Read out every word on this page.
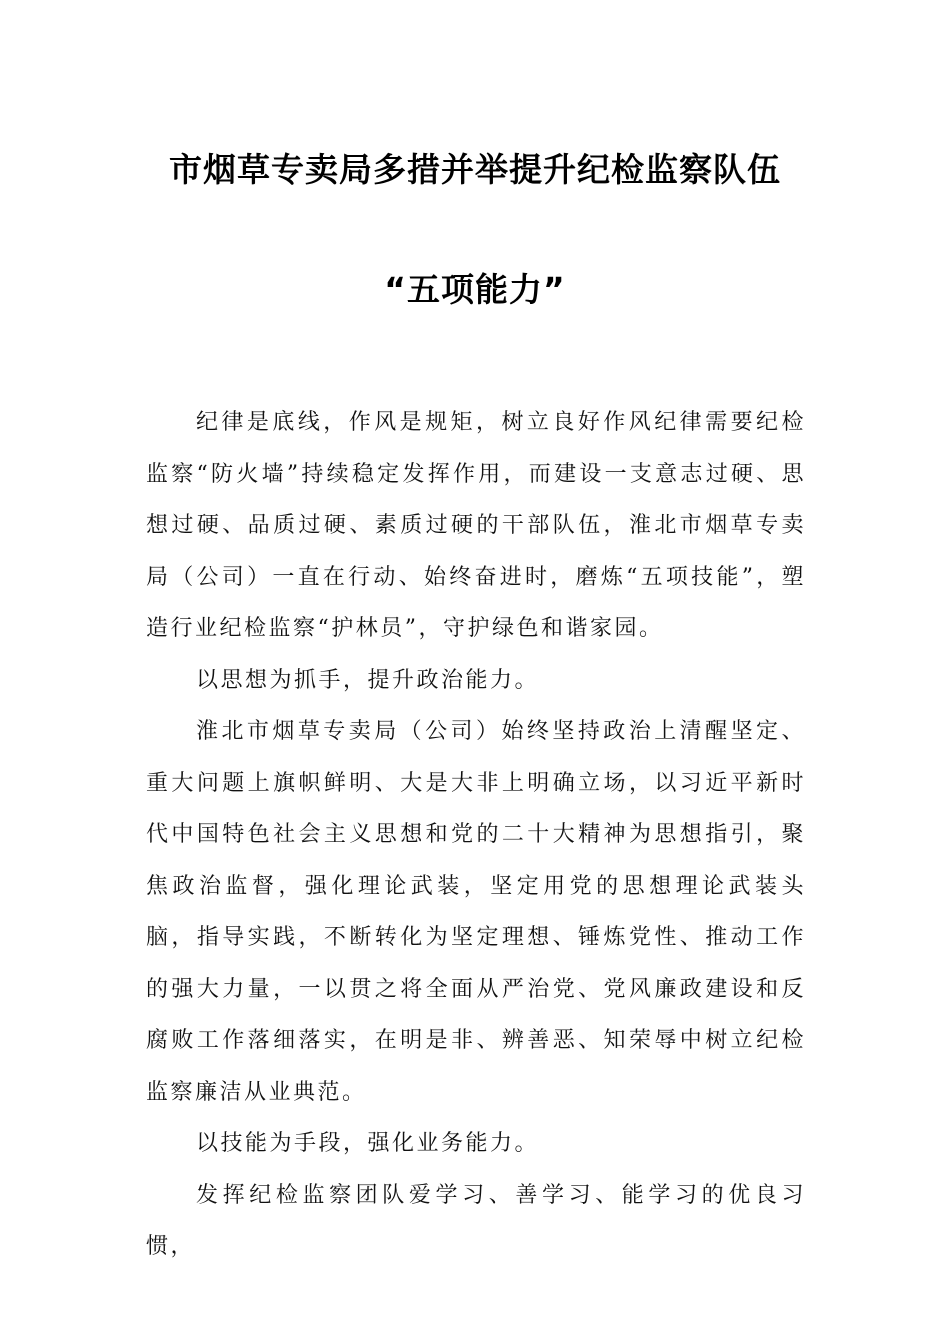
市烟草专卖局多措并举提升纪检监察队伍
“五项能力”

纪律是底线，作风是规矩，树立良好作风纪律需要纪检监察“防火墙”持续稳定发挥作用，而建设一支意志过硬、思想过硬、品质过硬、素质过硬的干部队伍，淮北市烟草专卖局（公司）一直在行动、始终奋进时，磨炼“五项技能”，塑造行业纪检监察“护林员”，守护绿色和谐家园。

以思想为抓手，提升政治能力。

淮北市烟草专卖局（公司）始终坚持政治上清醒坚定、重大问题上旗帜鲜明、大是大非上明确立场，以习近平新时代中国特色社会主义思想和党的二十大精神为思想指引，聚焦政治监督，强化理论武装，坚定用党的思想理论武装头脑，指导实践，不断转化为坚定理想、锤炼党性、推动工作的强大力量，一以贯之将全面从严治党、党风廉政建设和反腐败工作落细落实，在明是非、辨善恶、知荣辱中树立纪检监察廉洁从业典范。

以技能为手段，强化业务能力。

发挥纪检监察团队爱学习、善学习、能学习的优良习惯，
